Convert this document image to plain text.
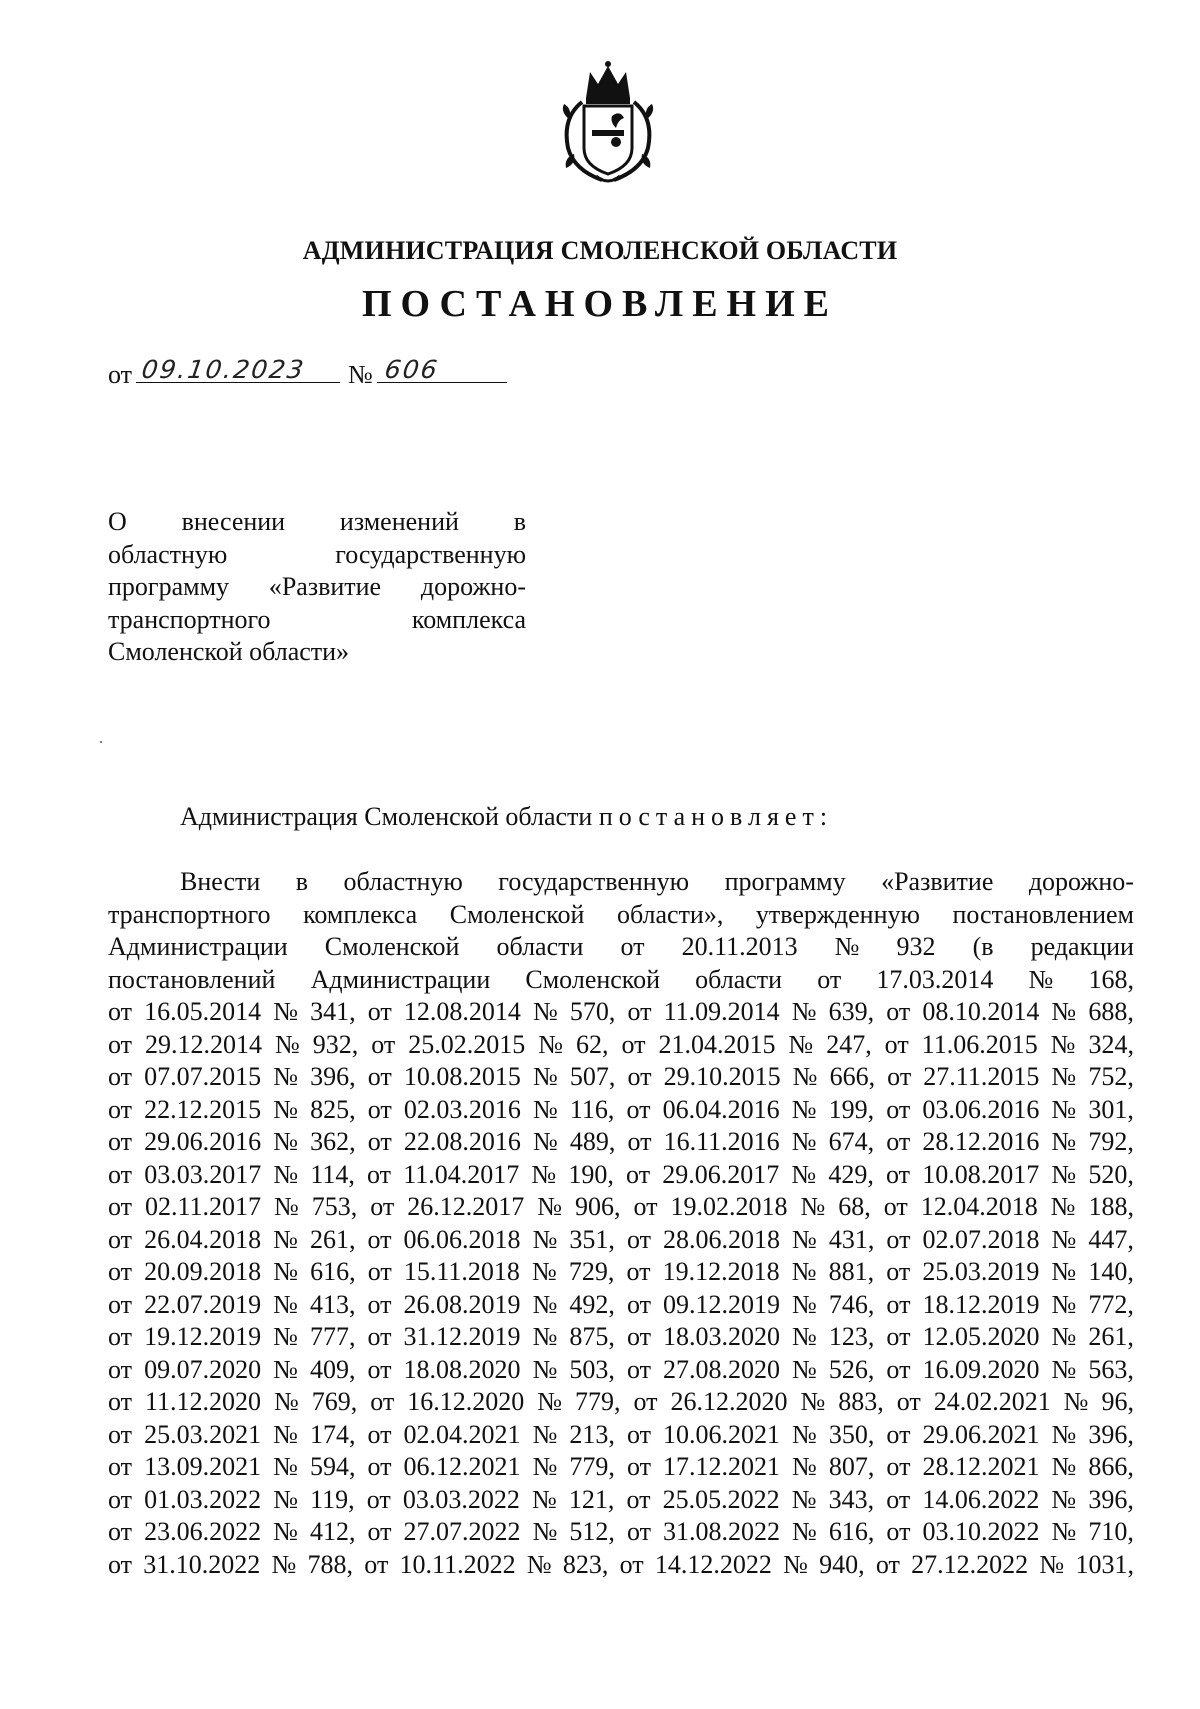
АДМИНИСТРАЦИЯ СМОЛЕНСКОЙ ОБЛАСТИ
ПОСТАНОВЛЕНИЕ
от 09.10.2023 № 606
О внесении изменений в
областную	государственную
программу «Развитие дорожно-
транспортного	комплекса
Смоленской области»
Администрация Смоленской области постановляет:
Внести в областную государственную программу «Развитие дорожно-
транспортного комплекса Смоленской области», утвержденную постановлением
Администрации Смоленской области от 20.11.2013 № 932 (в редакции
постановлений Администрации Смоленской области от 17.03.2014 № 168,
от 16.05.2014 № 341, от 12.08.2014 № 570, от 11.09.2014 № 639, от 08.10.2014 № 688,
от 29.12.2014 № 932, от 25.02.2015 № 62, от 21.04.2015 № 247, от 11.06.2015 № 324,
от 07.07.2015 № 396, от 10.08.2015 № 507, от 29.10.2015 № 666, от 27.11.2015 № 752,
от 22.12.2015 № 825, от 02.03.2016 № 116, от 06.04.2016 № 199, от 03.06.2016 № 301,
от 29.06.2016 № 362, от 22.08.2016 № 489, от 16.11.2016 № 674, от 28.12.2016 № 792,
от 03.03.2017 № 114, от 11.04.2017 № 190, от 29.06.2017 № 429, от 10.08.2017 № 520,
от 02.11.2017 № 753, от 26.12.2017 № 906, от 19.02.2018 № 68, от 12.04.2018 № 188,
от 26.04.2018 № 261, от 06.06.2018 № 351, от 28.06.2018 № 431, от 02.07.2018 № 447,
от 20.09.2018 № 616, от 15.11.2018 № 729, от 19.12.2018 № 881, от 25.03.2019 № 140,
от 22.07.2019 № 413, от 26.08.2019 № 492, от 09.12.2019 № 746, от 18.12.2019 № 772,
от 19.12.2019 № 777, от 31.12.2019 № 875, от 18.03.2020 № 123, от 12.05.2020 № 261,
от 09.07.2020 № 409, от 18.08.2020 № 503, от 27.08.2020 № 526, от 16.09.2020 № 563,
от 11.12.2020 № 769, от 16.12.2020 № 779, от 26.12.2020 № 883, от 24.02.2021 № 96,
от 25.03.2021 № 174, от 02.04.2021 № 213, от 10.06.2021 № 350, от 29.06.2021 № 396,
от 13.09.2021 № 594, от 06.12.2021 № 779, от 17.12.2021 № 807, от 28.12.2021 № 866,
от 01.03.2022 № 119, от 03.03.2022 № 121, от 25.05.2022 № 343, от 14.06.2022 № 396,
от 23.06.2022 № 412, от 27.07.2022 № 512, от 31.08.2022 № 616, от 03.10.2022 № 710,
от 31.10.2022 № 788, от 10.11.2022 № 823, от 14.12.2022 № 940, от 27.12.2022 № 1031,
